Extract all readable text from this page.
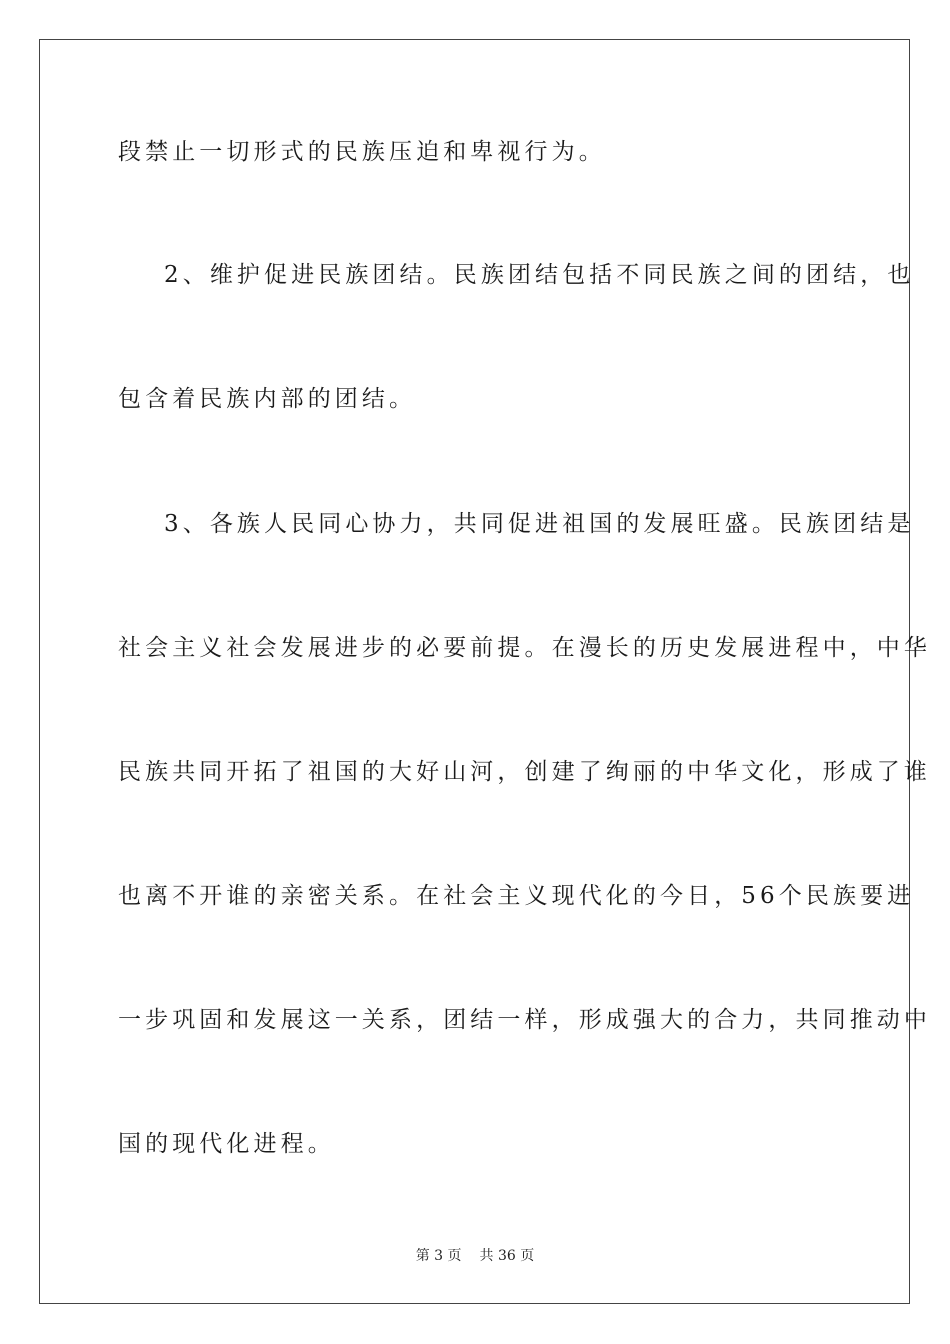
段禁止一切形式的民族压迫和卑视行为。
2、维护促进民族团结。民族团结包括不同民族之间的团结，也
包含着民族内部的团结。
3、各族人民同心协力，共同促进祖国的发展旺盛。民族团结是
社会主义社会发展进步的必要前提。在漫长的历史发展进程中，中华
民族共同开拓了祖国的大好山河，创建了绚丽的中华文化，形成了谁
也离不开谁的亲密关系。在社会主义现代化的今日，56个民族要进
一步巩固和发展这一关系，团结一样，形成强大的合力，共同推动中
国的现代化进程。
第 3 页 共 36 页
